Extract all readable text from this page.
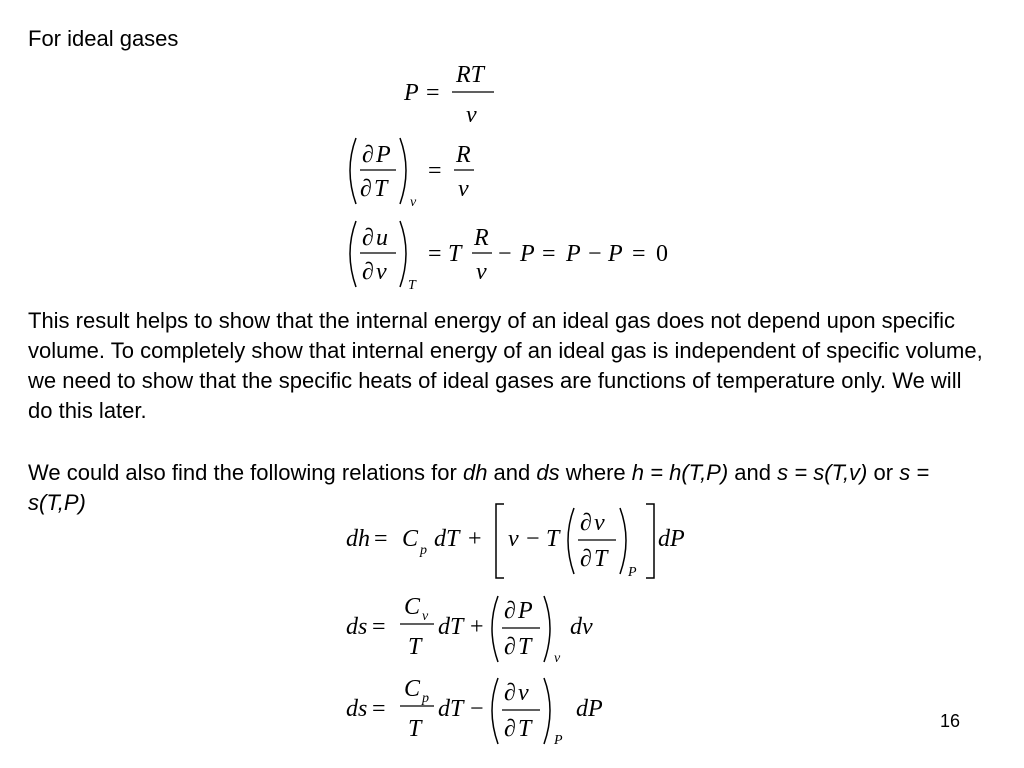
For ideal gases
P =
RT
v
∂ P
∂ T
v
=
R
v
∂ u
∂ v
T
= T
R
v
− P = P − P = 0
This result helps to show that the internal energy of an ideal gas does not depend upon specific volume. To completely show that internal energy of an ideal gas is independent of specific volume, we need to show that the specific heats of ideal gases are functions of temperature only. We will do this later.
We could also find the following relations for dh and ds where h = h(T,P) and s = s(T,v) or s = s(T,P)
dh = C p dT + v − T
∂ v
∂ T
P
dP
ds =
C v
T
dT +
∂ P
∂ T v
dv
ds =
C p
T
dT −
∂ v
∂ T P
dP	16
